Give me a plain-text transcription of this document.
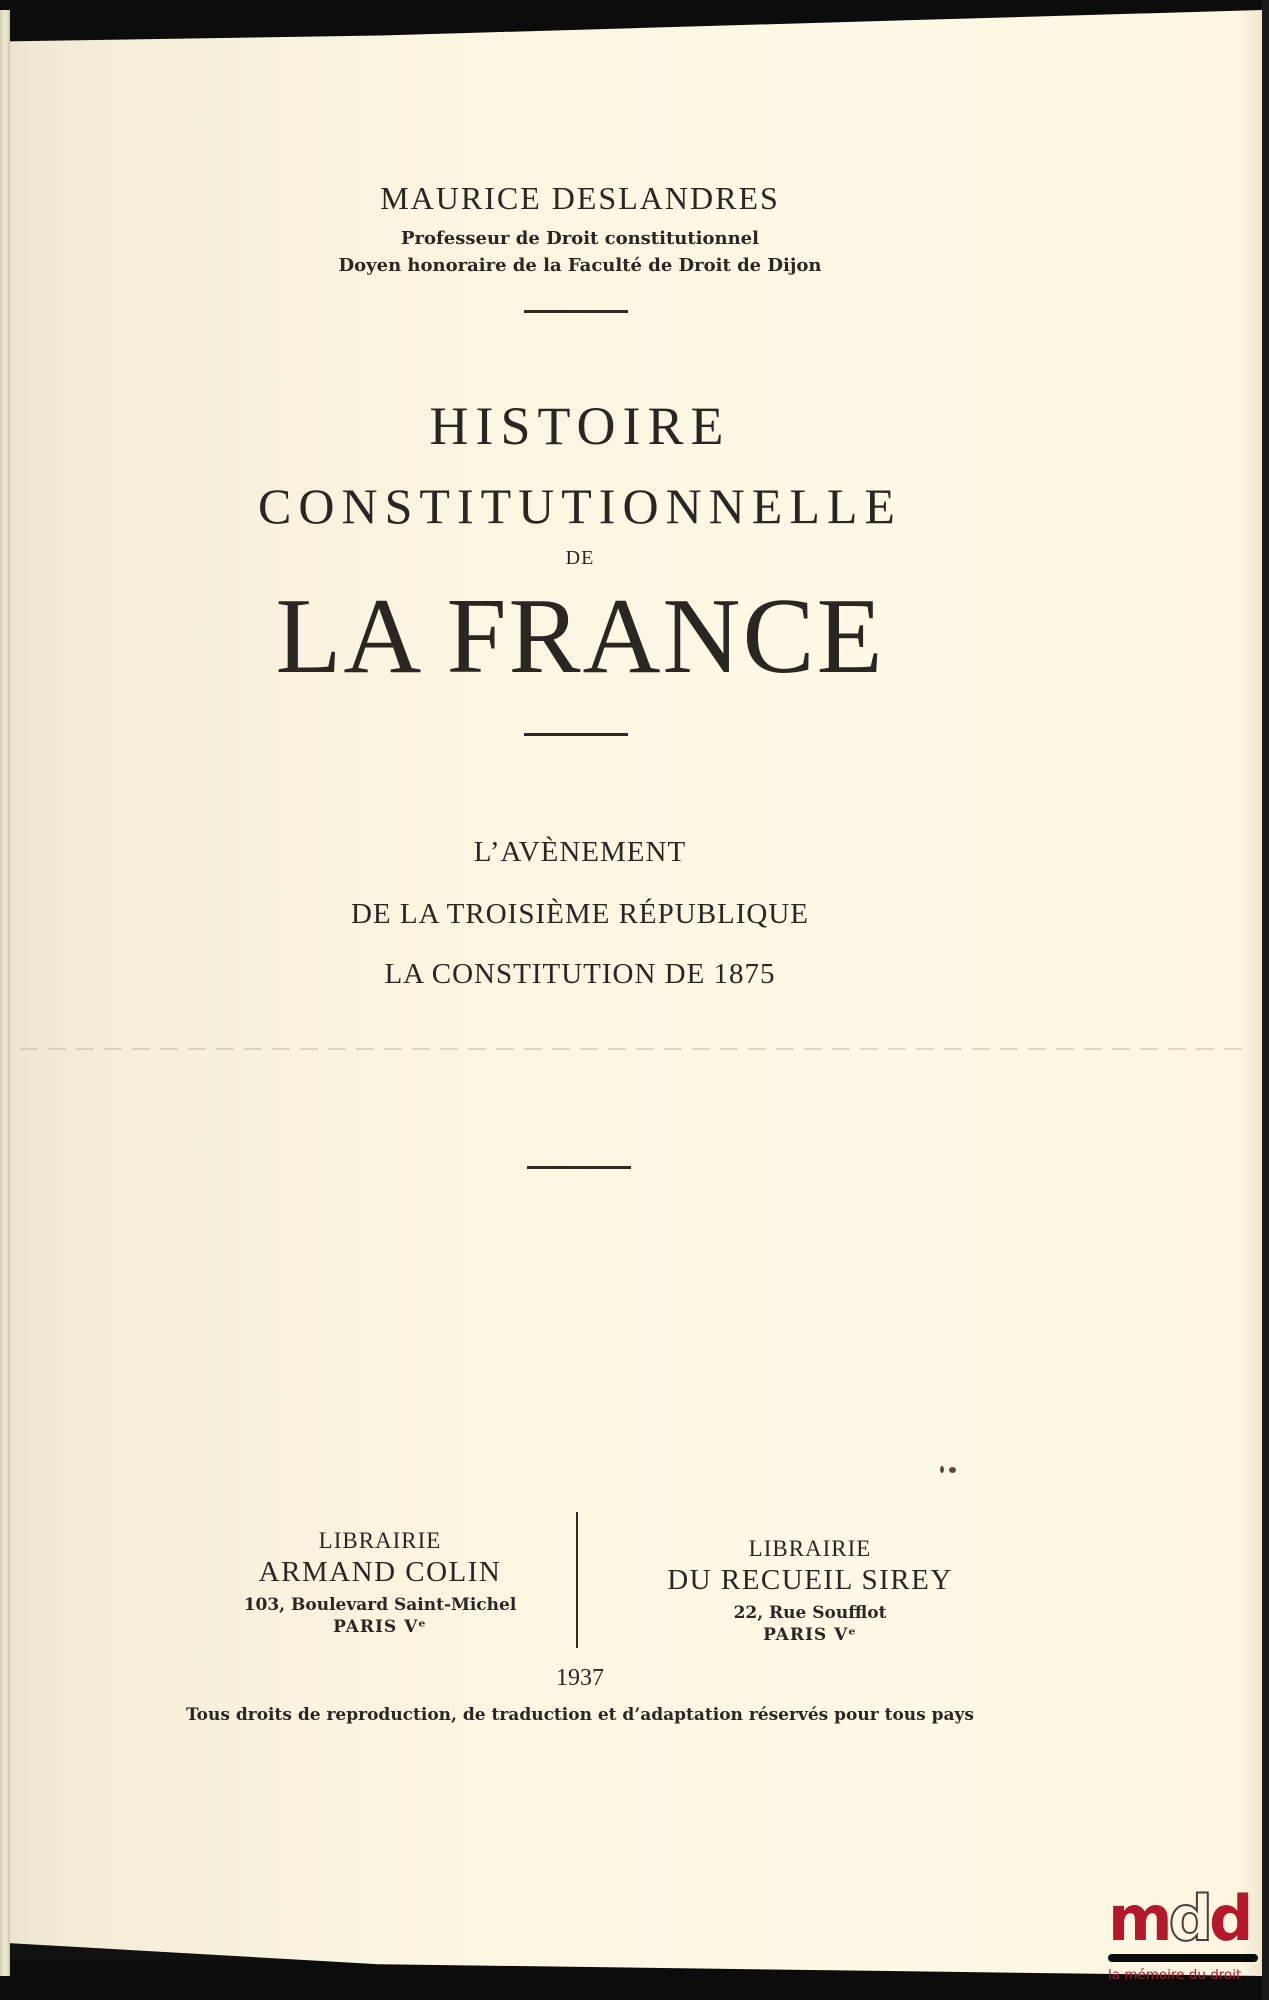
MAURICE DESLANDRES
Professeur de Droit constitutionnel
Doyen honoraire de la Faculté de Droit de Dijon
HISTOIRE
CONSTITUTIONNELLE
DE
LA FRANCE
L’AVÈNEMENT
DE LA TROISIÈME RÉPUBLIQUE
LA CONSTITUTION DE 1875
LIBRAIRIE
ARMAND COLIN
103, Boulevard Saint-Michel
PARIS Vᵉ
LIBRAIRIE
DU RECUEIL SIREY
22, Rue Soufflot
PARIS Vᵉ
1937
Tous droits de reproduction, de traduction et d’adaptation réservés pour tous pays
mdd
la mémoire du droit
